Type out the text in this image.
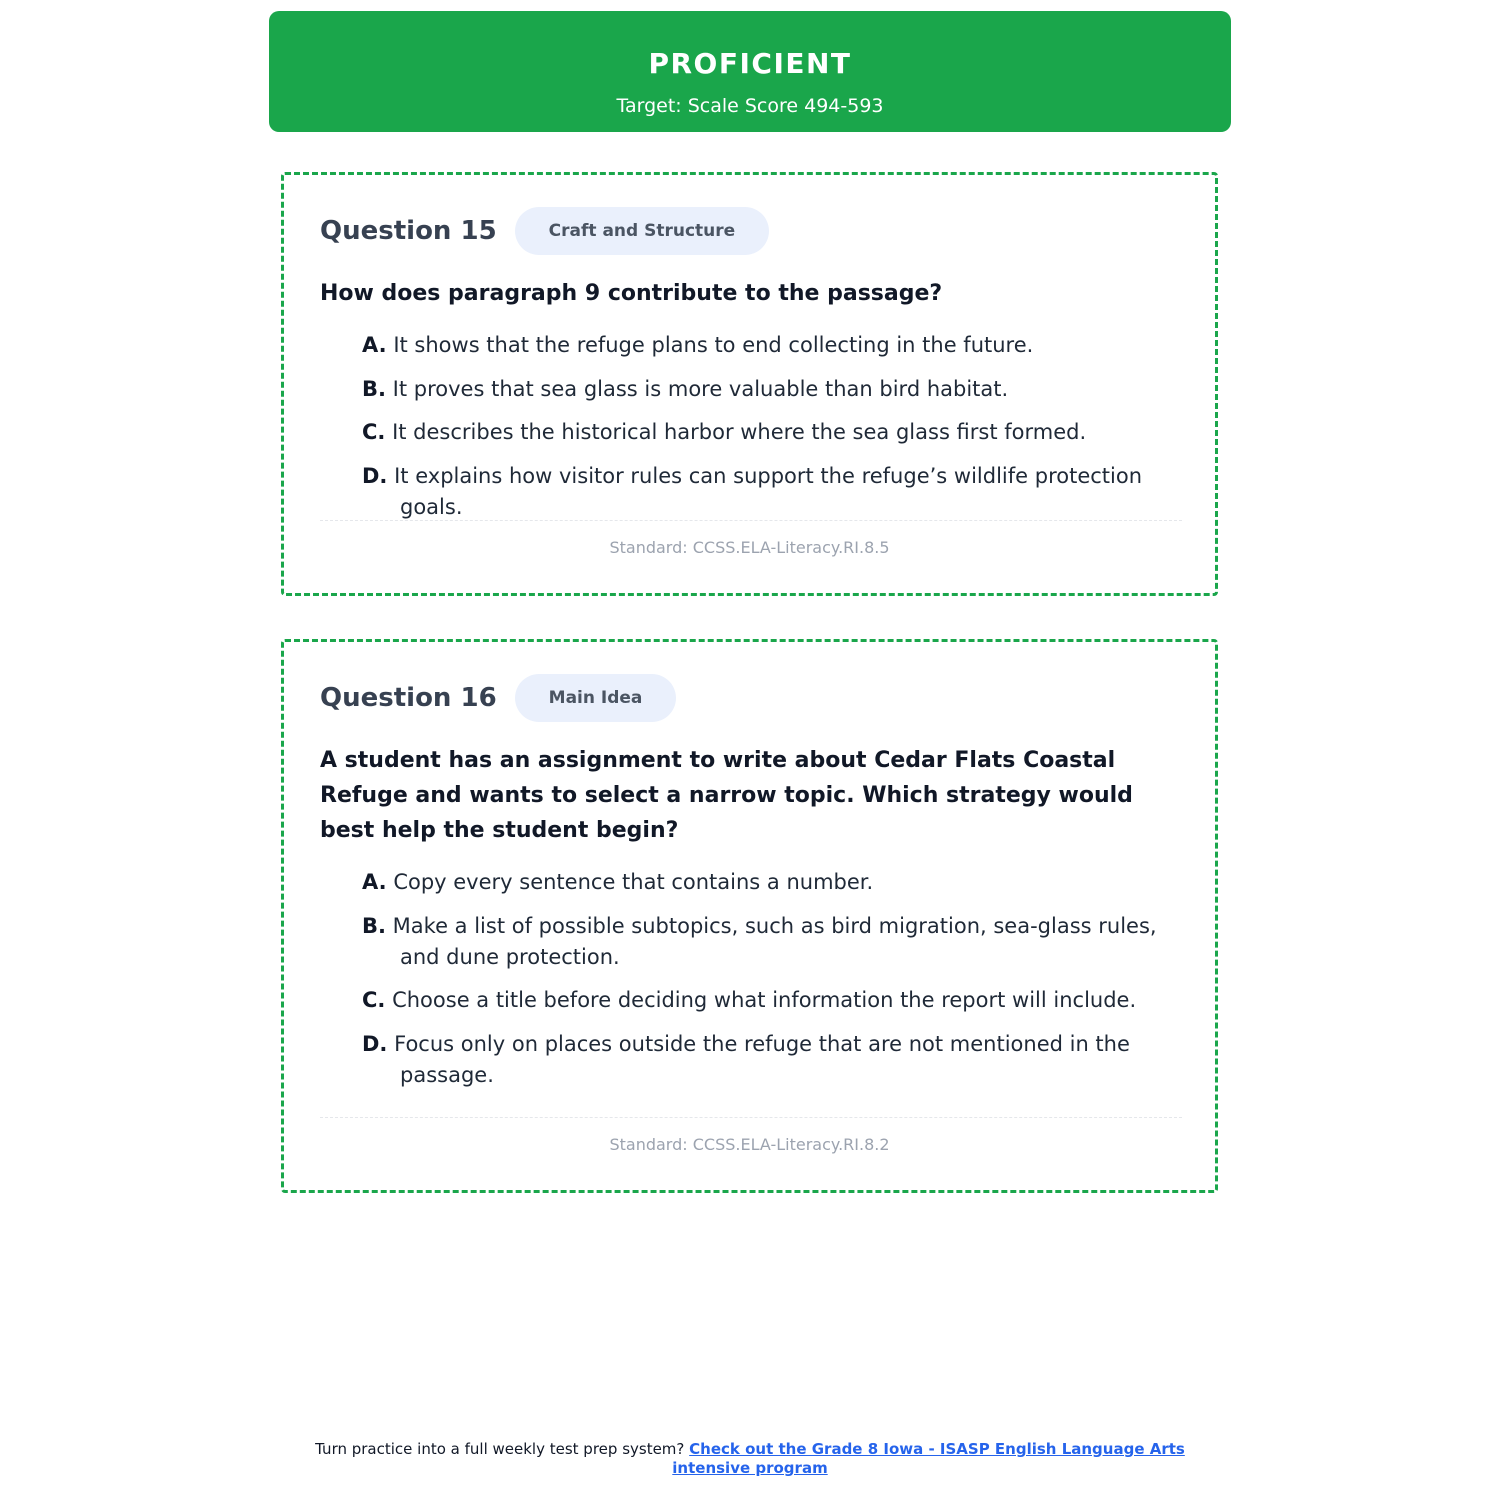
PROFICIENT
Target: Scale Score 494-593
Question 15	Craft and Structure
How does paragraph 9 contribute to the passage?
A. It shows that the refuge plans to end collecting in the future.
B. It proves that sea glass is more valuable than bird habitat.
C. It describes the historical harbor where the sea glass first formed.
D. It explains how visitor rules can support the refuge’s wildlife protection goals.
Standard: CCSS.ELA-Literacy.RI.8.5
Question 16	Main Idea
A student has an assignment to write about Cedar Flats Coastal Refuge and wants to select a narrow topic. Which strategy would best help the student begin?
A. Copy every sentence that contains a number.
B. Make a list of possible subtopics, such as bird migration, sea-glass rules, and dune protection.
C. Choose a title before deciding what information the report will include.
D. Focus only on places outside the refuge that are not mentioned in the passage.
Standard: CCSS.ELA-Literacy.RI.8.2
Turn practice into a full weekly test prep system? Check out the Grade 8 Iowa - ISASP English Language Arts intensive program
